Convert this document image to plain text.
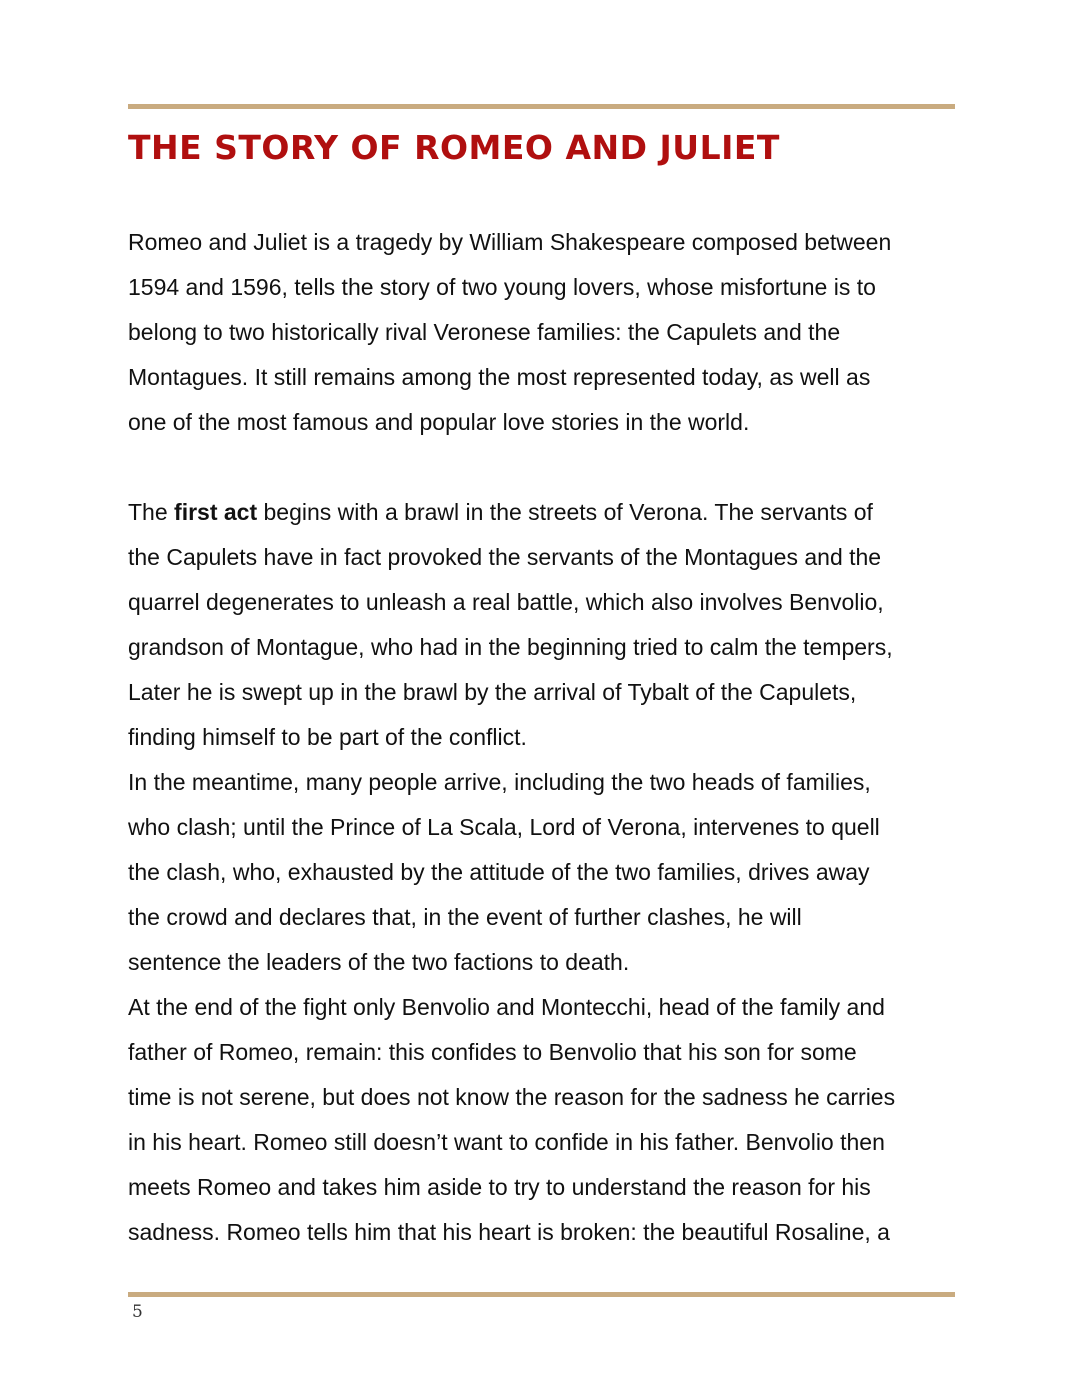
THE STORY OF ROMEO AND JULIET
Romeo and Juliet is a tragedy by William Shakespeare composed between
1594 and 1596, tells the story of two young lovers, whose misfortune is to
belong to two historically rival Veronese families: the Capulets and the
Montagues. It still remains among the most represented today, as well as
one of the most famous and popular love stories in the world.
The first act begins with a brawl in the streets of Verona. The servants of
the Capulets have in fact provoked the servants of the Montagues and the
quarrel degenerates to unleash a real battle, which also involves Benvolio,
grandson of Montague, who had in the beginning tried to calm the tempers,
Later he is swept up in the brawl by the arrival of Tybalt of the Capulets,
finding himself to be part of the conflict.
In the meantime, many people arrive, including the two heads of families,
who clash; until the Prince of La Scala, Lord of Verona, intervenes to quell
the clash, who, exhausted by the attitude of the two families, drives away
the crowd and declares that, in the event of further clashes, he will
sentence the leaders of the two factions to death.
At the end of the fight only Benvolio and Montecchi, head of the family and
father of Romeo, remain: this confides to Benvolio that his son for some
time is not serene, but does not know the reason for the sadness he carries
in his heart. Romeo still doesn’t want to confide in his father. Benvolio then
meets Romeo and takes him aside to try to understand the reason for his
sadness. Romeo tells him that his heart is broken: the beautiful Rosaline, a
5
